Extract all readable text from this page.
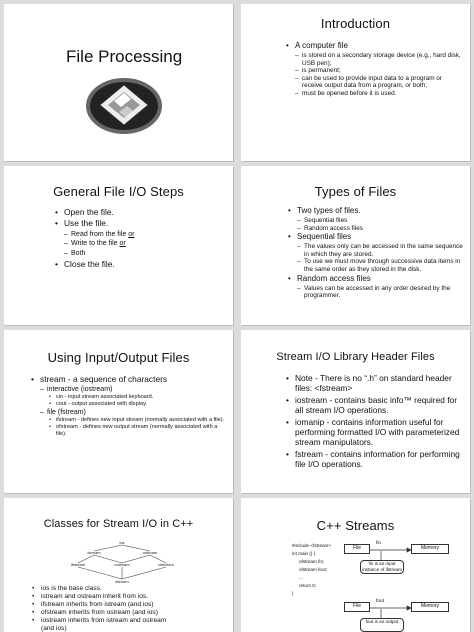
File Processing
Introduction
• A computer file
– is stored on a secondary storage device (e.g., hard disk, USB pen);
– is permanent;
– can be used to provide input data to a program or receive output data from a program, or both;
– must be opened before it is used.
General File I/O Steps
• Open the file.
• Use the file.
– Read from the file or
– Write to the file or
– Both
• Close the file.
Types of Files
• Two types of files.
– Sequential files
– Random access files
• Sequential files
– The values only can be accessed in the same sequence in which they are stored.
– To use we must move through successive data items in the same order as they stored in the disk.
• Random access files
– Values can be accessed in any order desired by the programmer.
Using Input/Output Files
• stream - a sequence of characters
– interactive (iostream)
• cin - input stream associated keyboard.
• cout - output associated with display.
– file (fstream)
• ifstream - defines new input stream (normally associated with a file).
• ofstream - defines new output stream (normally associated with a file).
Stream I/O Library Header Files
• Note - There is no “.h” on standard header files: <fstream>
• iostream - contains basic info™ required for all stream I/O operations.
• iomanip - contains information useful for performing formatted I/O with parameterized stream manipulators.
• fstream - contains information for performing file I/O operations.
Classes for Stream I/O in C++
ios
istream	ostream
ifstream	iostream	ofstream
fstream
• ios is the base class.
• istream and ostream inherit from ios.
• ifstream inherits from istream (and ios)
• ofstream inherits from ostream (and ios)
• iostream inherits from istream and ostream
(and ios)
C++ Streams
#include <fstream>
int main () {
ofstream fin;
ofstream fout;
...
return 0;
}
File
fin
Memory
fin is an input instance of ifstream
File
fout
Memory
fout is an output
